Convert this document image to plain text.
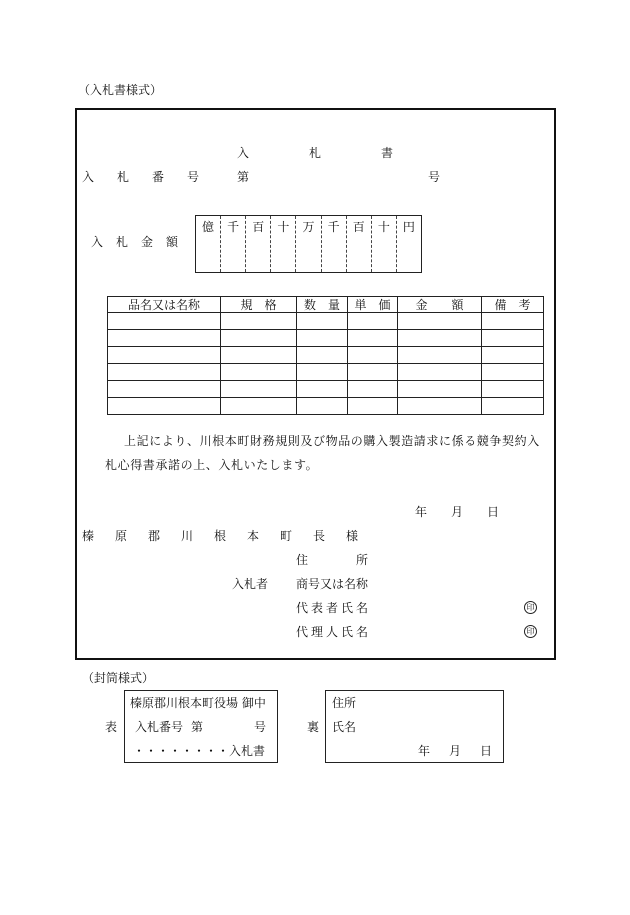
（入札書様式）
入札書
入札番号 第	号
入札金額
億	千	百	十	万	千	百	十	円
品名又は名称	規　格	数　量	単　価	金　　額	備　考

上記により、川根本町財務規則及び物品の購入製造請求に係る競争契約入
札心得書承諾の上、入札いたします。
年月日
榛原郡川根本町長様
住所
入札者 商号又は名称
代表者氏名	印
代理人氏名	印
（封筒様式）
表
榛原郡川根本町役場 御中
入札番号 第	号
・・・・・・・・入札書
裏
住所
氏名
年月日
